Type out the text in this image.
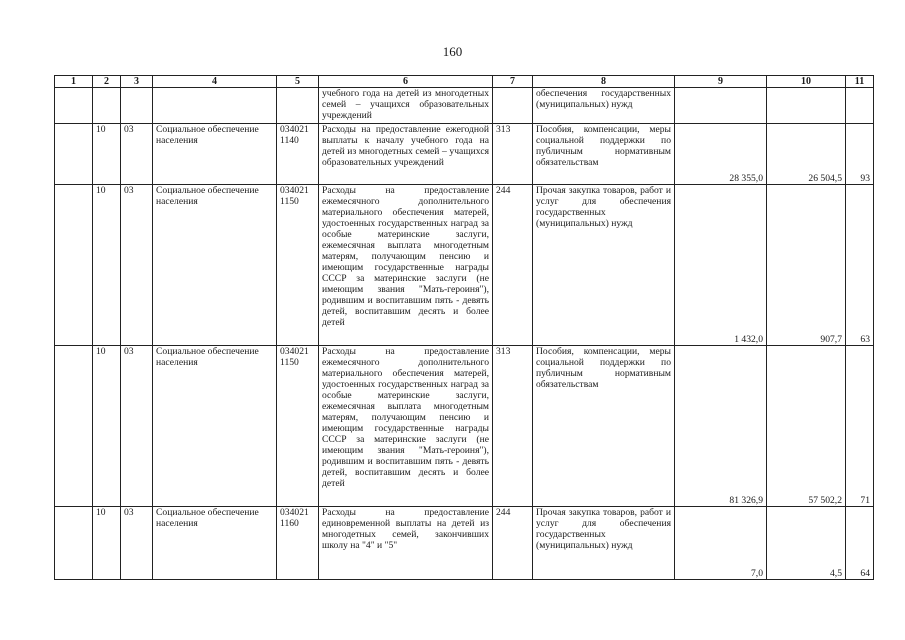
160
1	2	3	4	5	6	7	8	9	10	11
					учебного года на детей из многодетных семей – учащихся образовательных учреждений		обеспечения государственных (муниципальных) нужд			
	10	03	Социальное обеспечение населения	034021 1140	Расходы на предоставление ежегодной выплаты к началу учебного года на детей из многодетных семей – учащихся образовательных учреждений	313	Пособия, компенсации, меры социальной поддержки по публичным нормативным обязательствам	28 355,0	26 504,5	93
	10	03	Социальное обеспечение населения	034021 1150	Расходы на предоставление ежемесячного дополнительного материального обеспечения матерей, удостоенных государственных наград за особые материнские заслуги, ежемесячная выплата многодетным матерям, получающим пенсию и имеющим государственные награды СССР за материнские заслуги (не имеющим звания "Мать-героиня"), родившим и воспитавшим пять - девять детей, воспитавшим десять и более детей	244	Прочая закупка товаров, работ и услуг для обеспечения государственных (муниципальных) нужд	1 432,0	907,7	63
	10	03	Социальное обеспечение населения	034021 1150	Расходы на предоставление ежемесячного дополнительного материального обеспечения матерей, удостоенных государственных наград за особые материнские заслуги, ежемесячная выплата многодетным матерям, получающим пенсию и имеющим государственные награды СССР за материнские заслуги (не имеющим звания "Мать-героиня"), родившим и воспитавшим пять - девять детей, воспитавшим десять и более детей	313	Пособия, компенсации, меры социальной поддержки по публичным нормативным обязательствам	81 326,9	57 502,2	71
	10	03	Социальное обеспечение населения	034021 1160	Расходы на предоставление единовременной выплаты на детей из многодетных семей, закончивших школу на "4" и "5"	244	Прочая закупка товаров, работ и услуг для обеспечения государственных (муниципальных) нужд	7,0	4,5	64
